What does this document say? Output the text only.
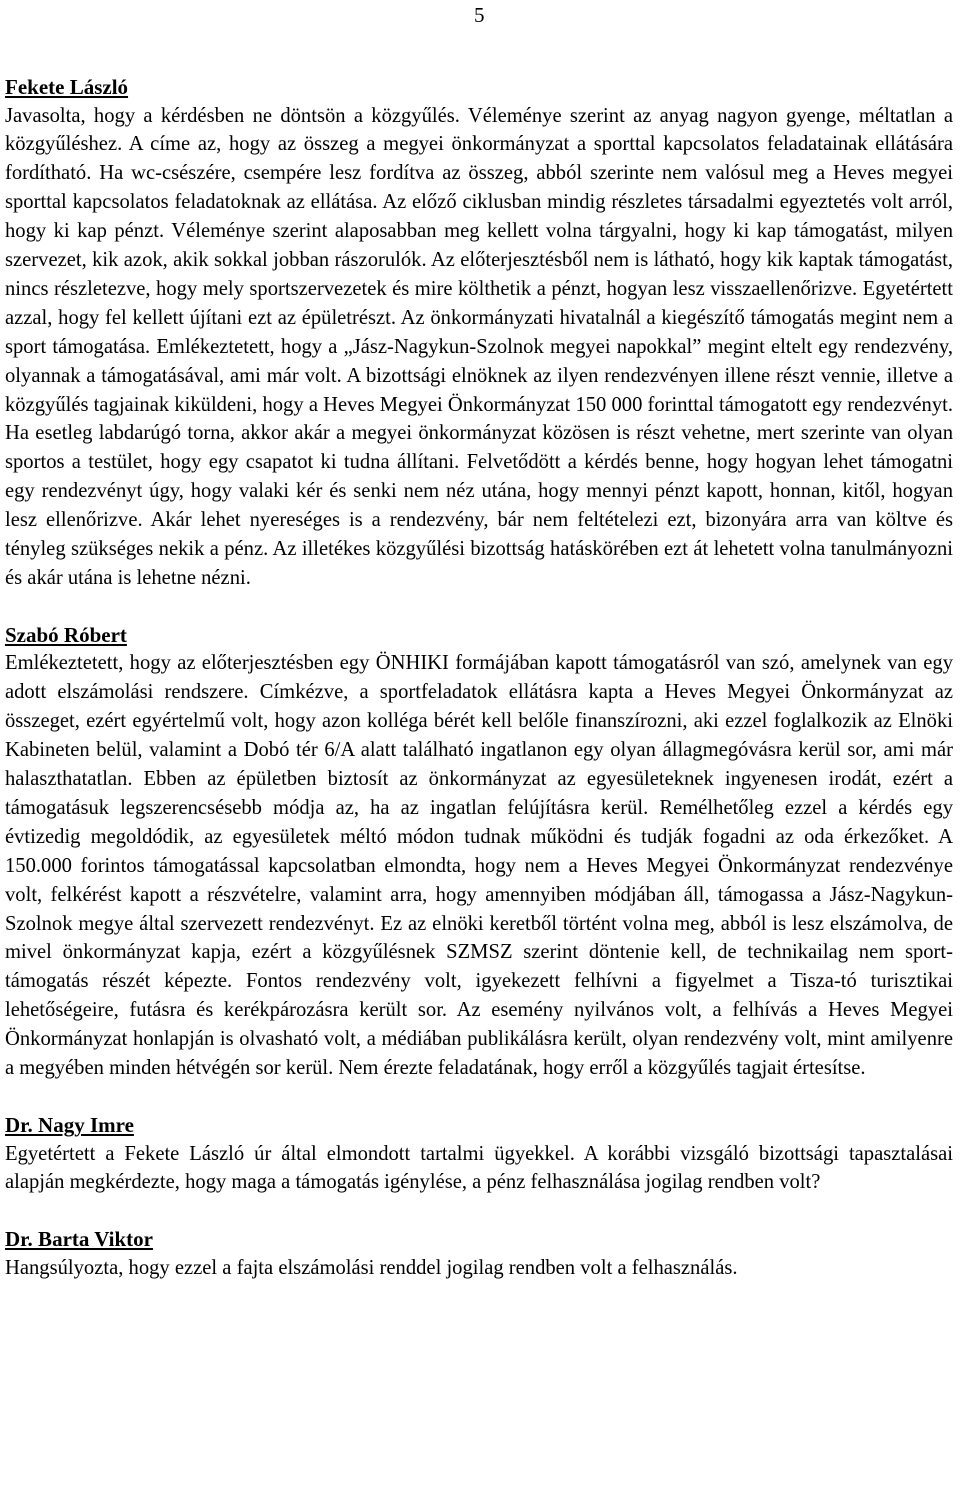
5
Fekete László

Javasolta, hogy a kérdésben ne döntsön a közgyűlés. Véleménye szerint az anyag nagyon gyenge, méltatlan a közgyűléshez. A címe az, hogy az összeg a megyei önkormányzat a sporttal kapcsolatos feladatainak ellátására fordítható. Ha wc-csészére, csempére lesz fordítva az összeg, abból szerinte nem valósul meg a Heves megyei sporttal kapcsolatos feladatoknak az ellátása. Az előző ciklusban mindig részletes társadalmi egyeztetés volt arról, hogy ki kap pénzt. Véleménye szerint alaposabban meg kellett volna tárgyalni, hogy ki kap támogatást, milyen szervezet, kik azok, akik sokkal jobban rászorulók. Az előterjesztésből nem is látható, hogy kik kaptak támogatást, nincs részletezve, hogy mely sportszervezetek és mire költhetik a pénzt, hogyan lesz visszaellenőrizve. Egyetértett azzal, hogy fel kellett újítani ezt az épületrészt. Az önkormányzati hivatalnál a kiegészítő támogatás megint nem a sport támogatása. Emlékeztetett, hogy a „Jász-Nagykun-Szolnok megyei napokkal” megint eltelt egy rendezvény, olyannak a támogatásával, ami már volt. A bizottsági elnöknek az ilyen rendezvényen illene részt vennie, illetve a közgyűlés tagjainak kiküldeni, hogy a Heves Megyei Önkormányzat 150 000 forinttal támogatott egy rendezvényt. Ha esetleg labdarúgó torna, akkor akár a megyei önkormányzat közösen is részt vehetne, mert szerinte van olyan sportos a testület, hogy egy csapatot ki tudna állítani. Felvetődött a kérdés benne, hogy hogyan lehet támogatni egy rendezvényt úgy, hogy valaki kér és senki nem néz utána, hogy mennyi pénzt kapott, honnan, kitől, hogyan lesz ellenőrizve. Akár lehet nyereséges is a rendezvény, bár nem feltételezi ezt, bizonyára arra van költve és tényleg szükséges nekik a pénz. Az illetékes közgyűlési bizottság hatáskörében ezt át lehetett volna tanulmányozni és akár utána is lehetne nézni.

Szabó Róbert

Emlékeztetett, hogy az előterjesztésben egy ÖNHIKI formájában kapott támogatásról van szó, amelynek van egy adott elszámolási rendszere. Címkézve, a sportfeladatok ellátásra kapta a Heves Megyei Önkormányzat az összeget, ezért egyértelmű volt, hogy azon kolléga bérét kell belőle finanszírozni, aki ezzel foglalkozik az Elnöki Kabineten belül, valamint a Dobó tér 6/A alatt található ingatlanon egy olyan állagmegóvásra kerül sor, ami már halaszthatatlan. Ebben az épületben biztosít az önkormányzat az egyesületeknek ingyenesen irodát, ezért a támogatásuk legszerencsésebb módja az, ha az ingatlan felújításra kerül. Remélhetőleg ezzel a kérdés egy évtizedig megoldódik, az egyesületek méltó módon tudnak működni és tudják fogadni az oda érkezőket. A 150.000 forintos támogatással kapcsolatban elmondta, hogy nem a Heves Megyei Önkormányzat rendezvénye volt, felkérést kapott a részvételre, valamint arra, hogy amennyiben módjában áll, támogassa a Jász-Nagykun-Szolnok megye által szervezett rendezvényt. Ez az elnöki keretből történt volna meg, abból is lesz elszámolva, de mivel önkormányzat kapja, ezért a közgyűlésnek SZMSZ szerint döntenie kell, de technikailag nem sporttámogatás részét képezte. Fontos rendezvény volt, igyekezett felhívni a figyelmet a Tisza-tó turisztikai lehetőségeire, futásra és kerékpározásra került sor. Az esemény nyilvános volt, a felhívás a Heves Megyei Önkormányzat honlapján is olvasható volt, a médiában publikálásra került, olyan rendezvény volt, mint amilyenre a megyében minden hétvégén sor kerül. Nem érezte feladatának, hogy erről a közgyűlés tagjait értesítse.

Dr. Nagy Imre

Egyetértett a Fekete László úr által elmondott tartalmi ügyekkel. A korábbi vizsgáló bizottsági tapasztalásai alapján megkérdezte, hogy maga a támogatás igénylése, a pénz felhasználása jogilag rendben volt?

Dr. Barta Viktor

Hangsúlyozta, hogy ezzel a fajta elszámolási renddel jogilag rendben volt a felhasználás.
